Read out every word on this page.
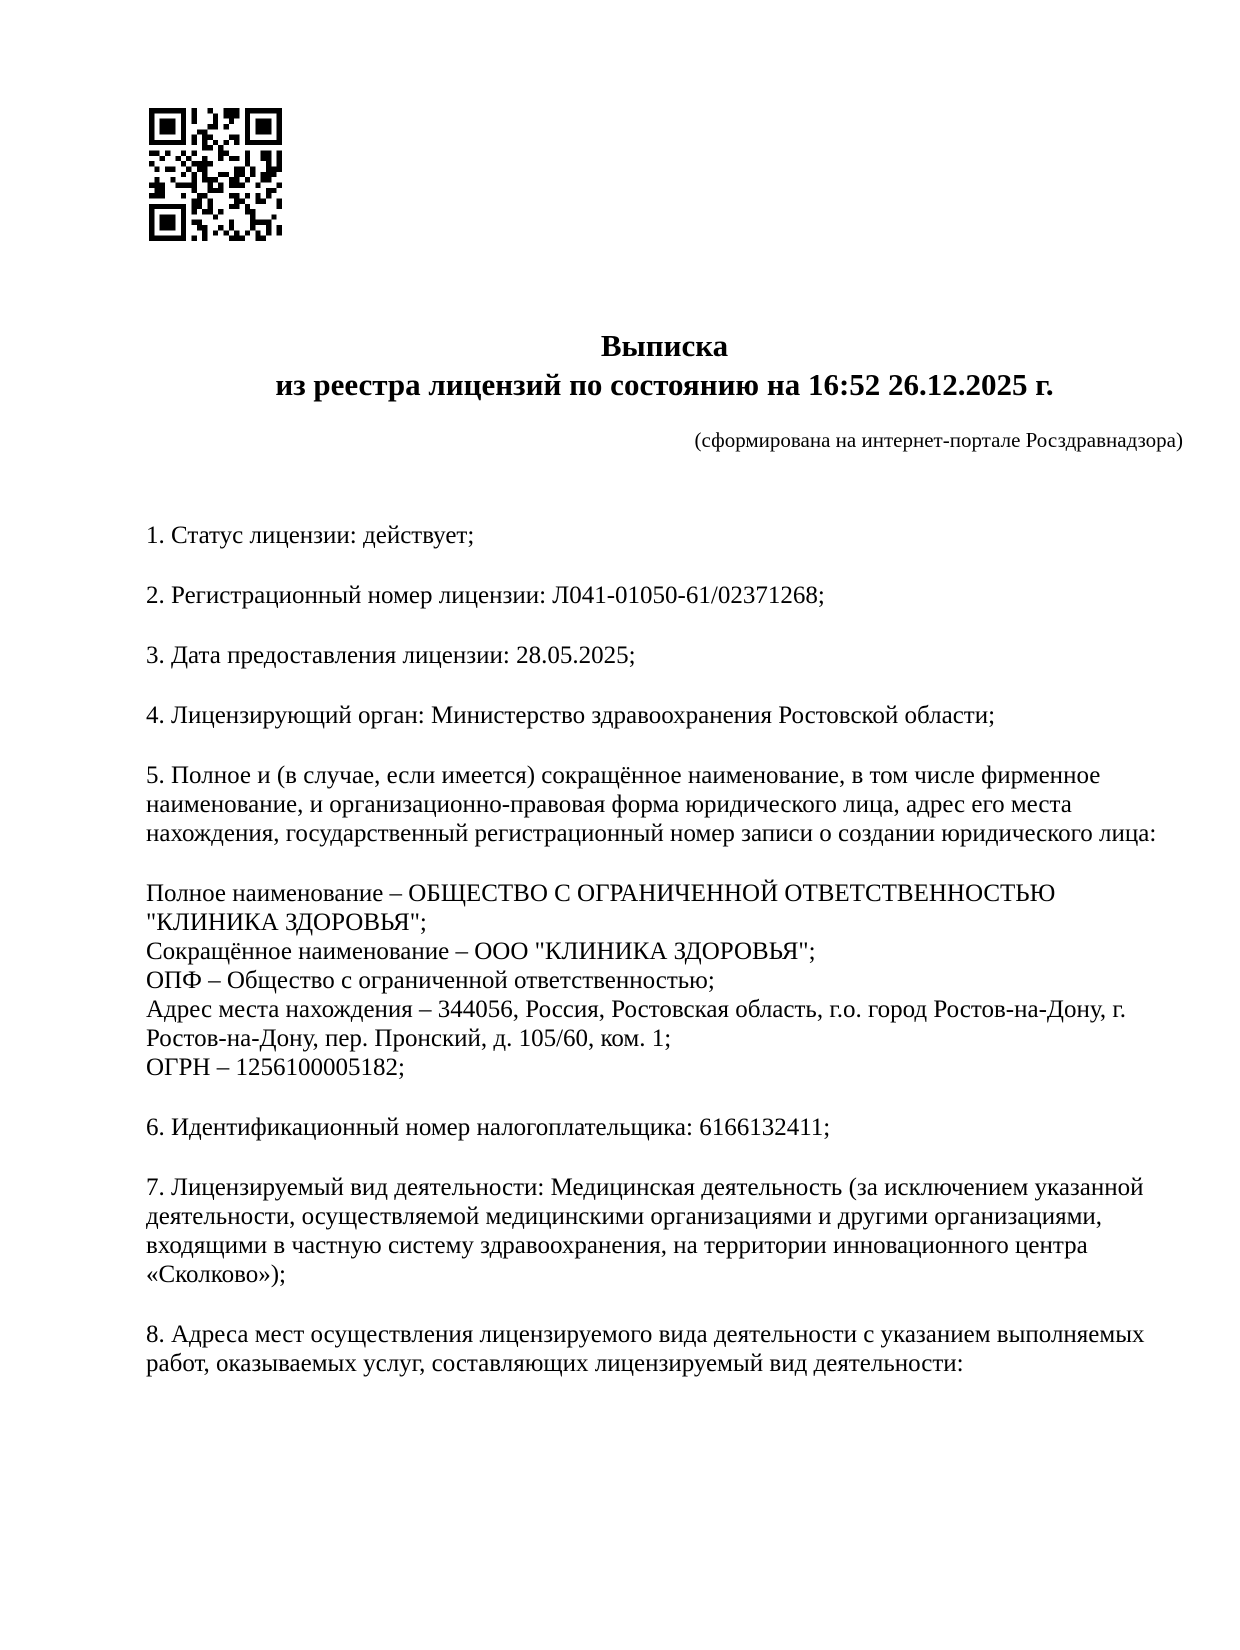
Выписка
из реестра лицензий по состоянию на 16:52 26.12.2025 г.
(сформирована на интернет-портале Росздравнадзора)

1. Статус лицензии: действует;

2. Регистрационный номер лицензии: Л041-01050-61/02371268;

3. Дата предоставления лицензии: 28.05.2025;

4. Лицензирующий орган: Министерство здравоохранения Ростовской области;

5. Полное и (в случае, если имеется) сокращённое наименование, в том числе фирменное наименование, и организационно-правовая форма юридического лица, адрес его места нахождения, государственный регистрационный номер записи о создании юридического лица:

Полное наименование – ОБЩЕСТВО С ОГРАНИЧЕННОЙ ОТВЕТСТВЕННОСТЬЮ "КЛИНИКА ЗДОРОВЬЯ";
Сокращённое наименование – ООО "КЛИНИКА ЗДОРОВЬЯ";
ОПФ – Общество с ограниченной ответственностью;
Адрес места нахождения – 344056, Россия, Ростовская область, г.о. город Ростов-на-Дону, г. Ростов-на-Дону, пер. Пронский, д. 105/60, ком. 1;
ОГРН – 1256100005182;

6. Идентификационный номер налогоплательщика: 6166132411;

7. Лицензируемый вид деятельности: Медицинская деятельность (за исключением указанной деятельности, осуществляемой медицинскими организациями и другими организациями, входящими в частную систему здравоохранения, на территории инновационного центра «Сколково»);

8. Адреса мест осуществления лицензируемого вида деятельности с указанием выполняемых работ, оказываемых услуг, составляющих лицензируемый вид деятельности:
